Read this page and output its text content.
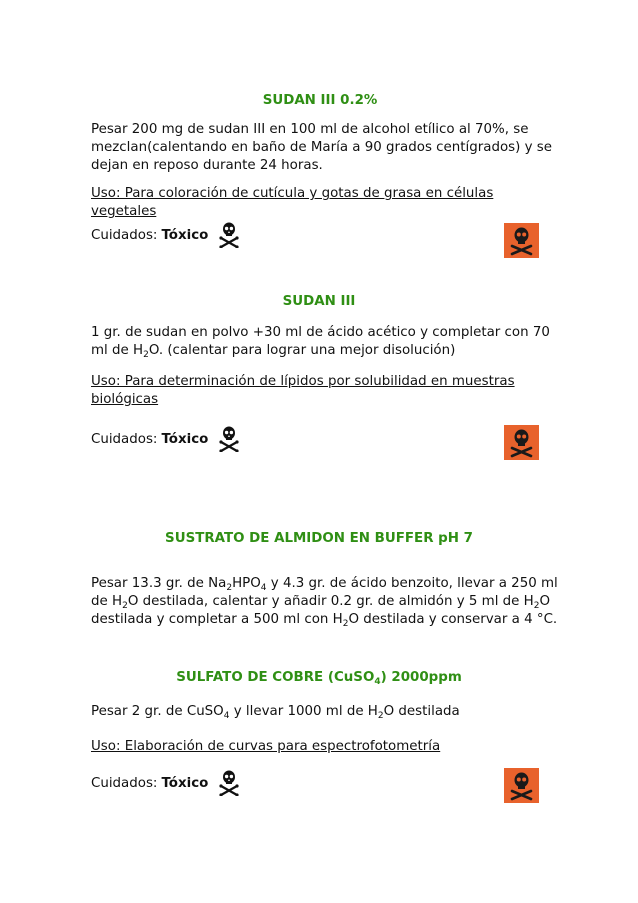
SUDAN III 0.2%

Pesar 200 mg de sudan III en 100 ml de alcohol etílico al 70%, se mezclan(calentando en baño de María a 90 grados centígrados) y se dejan en reposo durante 24 horas.

Uso: Para coloración de cutícula y gotas de grasa en células vegetales

Cuidados: Tóxico
SUDAN III

1 gr. de sudan en polvo +30 ml de ácido acético y completar con 70 ml de $H_2O$. (calentar para lograr una mejor disolución)

Uso: Para determinación de lípidos por solubilidad en muestras biológicas

Cuidados: Tóxico
SUSTRATO DE ALMIDON EN BUFFER pH 7

Pesar 13.3 gr. de $Na_2HPO_4$ y 4.3 gr. de ácido benzoito, llevar a 250 ml de $H_2O$ destilada, calentar y añadir 0.2 gr. de almidón y 5 ml de $H_2O$ destilada y completar a 500 ml con $H_2O$ destilada y conservar a 4 °C.

SULFATO DE COBRE (CuSO$_4$) 2000ppm

Pesar 2 gr. de CuSO$_4$ y llevar 1000 ml de $H_2O$ destilada

Uso: Elaboración de curvas para espectrofotometría

Cuidados: Tóxico
